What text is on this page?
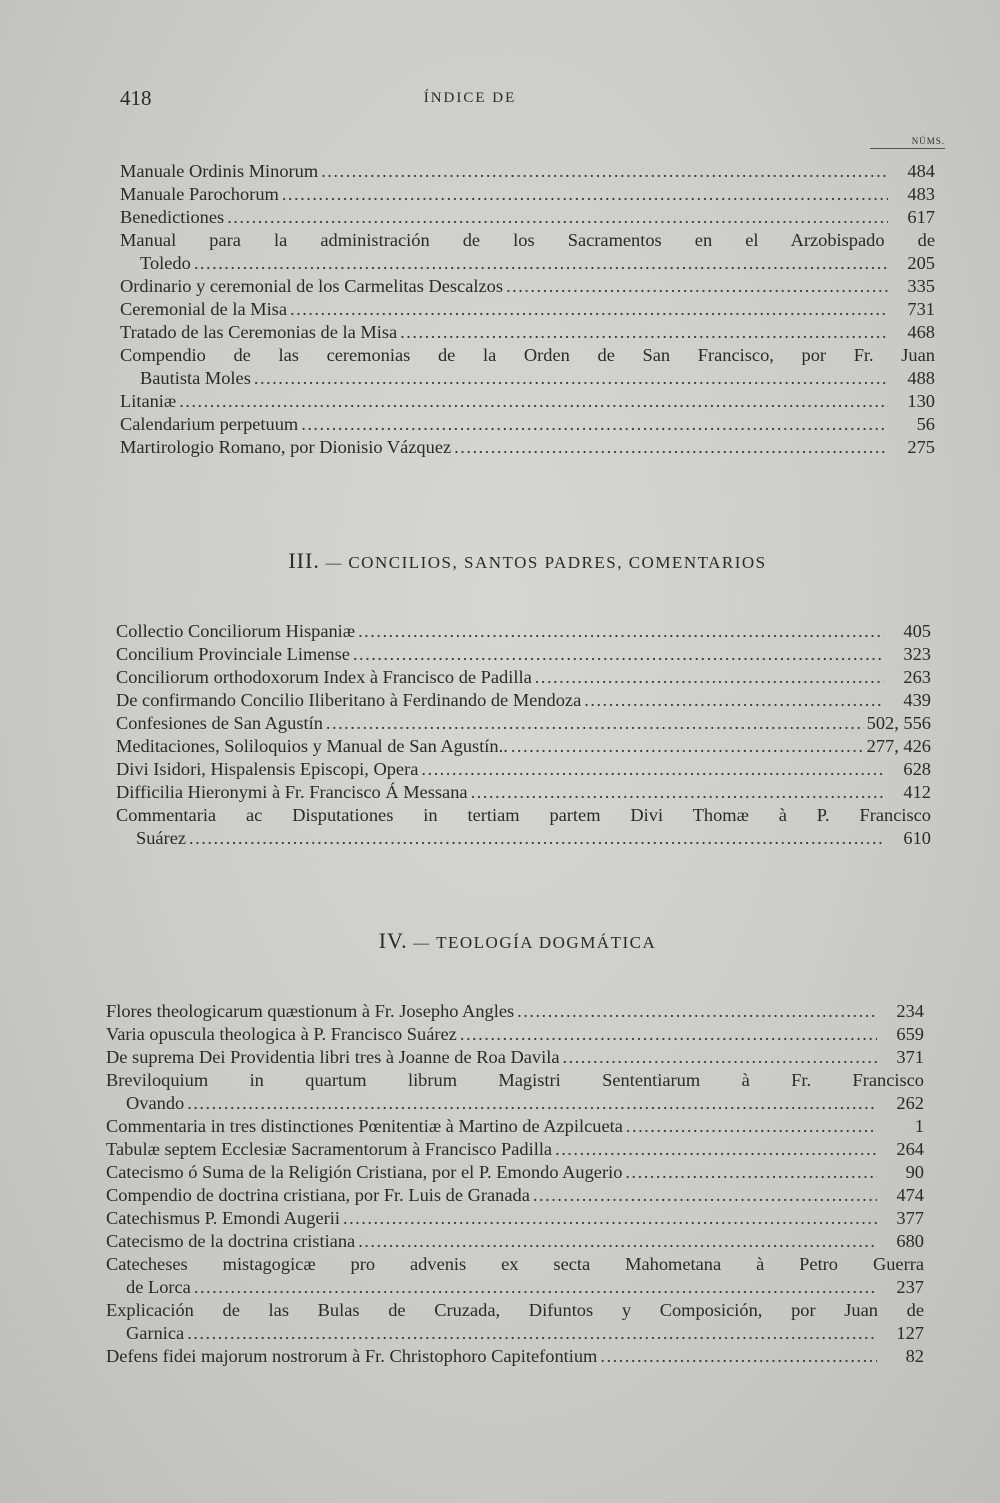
418	ÍNDICE DE
NÚMS.
Manuale Ordinis Minorum .....	484
Manuale Parochorum .....	483
Benedictiones .....	617
Manual para la administración de los Sacramentos en el Arzobispado de
Toledo .....	205
Ordinario y ceremonial de los Carmelitas Descalzos .....	335
Ceremonial de la Misa .....	731
Tratado de las Ceremonias de la Misa .....	468
Compendio de las ceremonias de la Orden de San Francisco, por Fr. Juan
Bautista Moles .....	488
Litaniæ .....	130
Calendarium perpetuum .....	56
Martirologio Romano, por Dionisio Vázquez .....	275
III. — CONCILIOS, SANTOS PADRES, COMENTARIOS
Collectio Conciliorum Hispaniæ .....	405
Concilium Provinciale Limense .....	323
Conciliorum orthodoxorum Index à Francisco de Padilla .....	263
De confirmando Concilio Iliberitano à Ferdinando de Mendoza .....	439
Confesiones de San Agustín .....	502, 556
Meditaciones, Soliloquios y Manual de San Agustín.. .....	277, 426
Divi Isidori, Hispalensis Episcopi, Opera .....	628
Difficilia Hieronymi à Fr. Francisco Á Messana .....	412
Commentaria ac Disputationes in tertiam partem Divi Thomæ à P. Francisco
Suárez .....	610
IV. — TEOLOGÍA DOGMÁTICA
Flores theologicarum quæstionum à Fr. Josepho Angles .....	234
Varia opuscula theologica à P. Francisco Suárez .....	659
De suprema Dei Providentia libri tres à Joanne de Roa Davila .....	371
Breviloquium in quartum librum Magistri Sententiarum à Fr. Francisco
Ovando .....	262
Commentaria in tres distinctiones Pœnitentiæ à Martino de Azpilcueta .....	1
Tabulæ septem Ecclesiæ Sacramentorum à Francisco Padilla .....	264
Catecismo ó Suma de la Religión Cristiana, por el P. Emondo Augerio .....	90
Compendio de doctrina cristiana, por Fr. Luis de Granada .....	474
Catechismus P. Emondi Augerii .....	377
Catecismo de la doctrina cristiana .....	680
Catecheses mistagogicæ pro advenis ex secta Mahometana à Petro Guerra
de Lorca .....	237
Explicación de las Bulas de Cruzada, Difuntos y Composición, por Juan de
Garnica .....	127
Defens fidei majorum nostrorum à Fr. Christophoro Capitefontium .....	82
